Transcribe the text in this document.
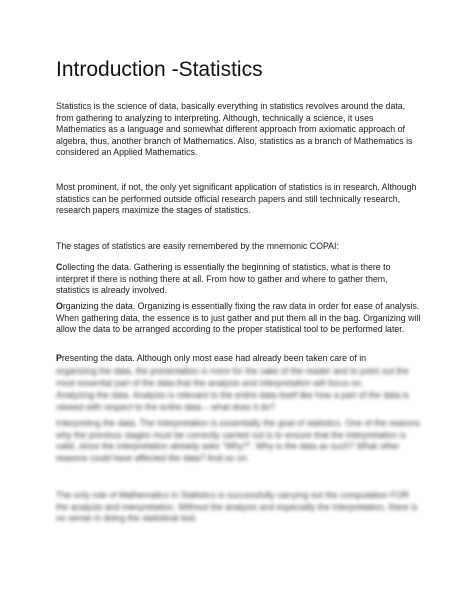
Introduction -Statistics

Statistics is the science of data, basically everything in statistics revolves around the data, from gathering to analyzing to interpreting. Although, technically a science, it uses Mathematics as a language and somewhat different approach from axiomatic approach of algebra, thus, another branch of Mathematics. Also, statistics as a branch of Mathematics is considered an Applied Mathematics.

Most prominent, if not, the only yet significant application of statistics is in research. Although statistics can be performed outside official research papers and still technically research, research papers maximize the stages of statistics.

The stages of statistics are easily remembered by the mnemonic COPAI:

Collecting the data. Gathering is essentially the beginning of statistics, what is there to interpret if there is nothing there at all. From how to gather and where to gather them, statistics is already involved.

Organizing the data. Organizing is essentially fixing the raw data in order for ease of analysis. When gathering data, the essence is to just gather and put them all in the bag. Organizing will allow the data to be arranged according to the proper statistical tool to be performed later.

Presenting the data. Although only most ease had already been taken care of in

organizing the data, the presentation is more for the sake of the reader and to point out the most essential part of the data that the analysis and interpretation will focus on.

Analyzing the data. Analysis is relevant to the entire data itself like how a part of the data is viewed with respect to the entire data – what does it do?

Interpreting the data. The interpretation is essentially the goal of statistics. One of the reasons why the previous stages must be correctly carried out is to ensure that the interpretation is valid, since the interpretation already asks "Why?". Why is the data as such? What other reasons could have affected the data? And so on.

The only role of Mathematics in Statistics is successfully carrying out the computation FOR the analysis and interpretation. Without the analysis and especially the interpretation, there is no sense in doing the statistical tool.
